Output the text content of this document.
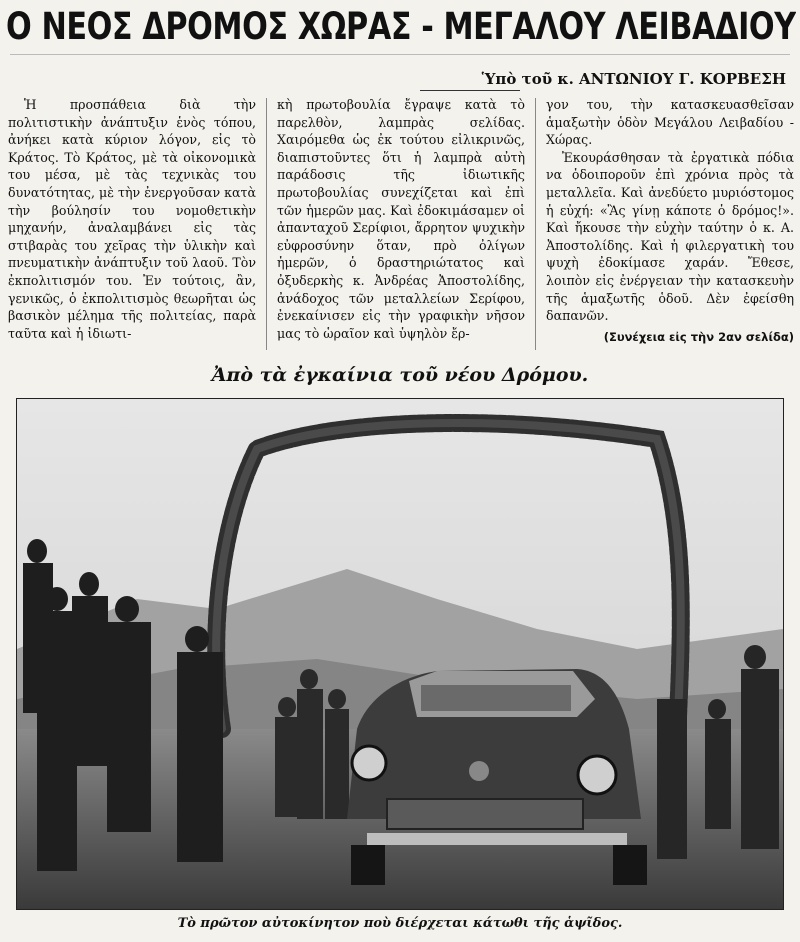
Ο ΝΕΟΣ ΔΡΟΜΟΣ ΧΩΡΑΣ - ΜΕΓΑΛΟΥ ΛΕΙΒΑΔΙΟΥ
Ὑπὸ τοῦ κ. ΑΝΤΩΝΙΟΥ Γ. ΚΟΡΒΕΣΗ

Ἡ προσπάθεια διὰ τὴν πολιτιστικὴν ἀνάπτυξιν ἑνὸς τόπου, ἀνήκει κατὰ κύριον λόγον, εἰς τὸ Κράτος. Τὸ Κράτος, μὲ τὰ οἰκονομικὰ του μέσα, μὲ τὰς τεχνικὰς του δυνατότητας, μὲ τὴν ἐνεργοῦσαν κατὰ τὴν βούλησίν του νομοθετικὴν μηχανήν, ἀναλαμβάνει εἰς τὰς στιβαρὰς του χεῖρας τὴν ὑλικὴν καὶ πνευματικὴν ἀνάπτυξιν τοῦ λαοῦ. Τὸν ἐκπολιτισμόν του. Ἐν τούτοις, ἂν, γενικῶς, ὁ ἐκπολιτισμὸς θεωρῆται ὡς βασικὸν μέλημα τῆς πολιτείας, παρὰ ταῦτα καὶ ἡ ἰδιωτι-

κὴ πρωτοβουλία ἔγραψε κατὰ τὸ παρελθὸν, λαμπρὰς σελίδας. Χαιρόμεθα ὡς ἐκ τούτου εἰλικρινῶς, διαπιστοῦντες ὅτι ἡ λαμπρὰ αὐτὴ παράδοσις τῆς ἰδιωτικῆς πρωτοβουλίας συνεχίζεται καὶ ἐπὶ τῶν ἡμερῶν μας. Καὶ ἐδοκιμάσαμεν οἱ ἀπανταχοῦ Σερίφιοι, ἄρρητον ψυχικὴν εὐφροσύνην ὅταν, πρὸ ὀλίγων ἡμερῶν, ὁ δραστηριώτατος καὶ ὀξυδερκὴς κ. Ἀνδρέας Ἀποστολίδης, ἀνάδοχος τῶν μεταλλείων Σερίφου, ἐνεκαίνισεν εἰς τὴν γραφικὴν νῆσον μας τὸ ὡραῖον καὶ ὑψηλὸν ἔρ-

γον του, τὴν κατασκευασθεῖσαν ἁμαξωτὴν ὁδὸν Μεγάλου Λειβαδίου - Χώρας.

Ἐκουράσθησαν τὰ ἐργατικὰ πόδια να ὁδοιποροῦν ἐπὶ χρόνια πρὸς τὰ μεταλλεῖα. Καὶ ἀνεδύετο μυριόστομος ἡ εὐχή: «Ἂς γίνῃ κάποτε ὁ δρόμος!». Καὶ ἤκουσε τὴν εὐχὴν ταύτην ὁ κ. Α. Ἀποστολίδης. Καὶ ἡ φιλεργατικὴ του ψυχὴ ἐδοκίμασε χαράν. Ἔθεσε, λοιπὸν εἰς ἐνέργειαν τὴν κατασκευὴν τῆς ἁμαξωτῆς ὁδοῦ. Δὲν ἐφείσθη δαπανῶν.

(Συνέχεια εἰς τὴν 2αν σελίδα)
Ἀπὸ τὰ ἐγκαίνια τοῦ νέου Δρόμου.
Τὸ πρῶτον αὐτοκίνητον ποὺ διέρχεται κάτωθι τῆς ἁψῖδος.
